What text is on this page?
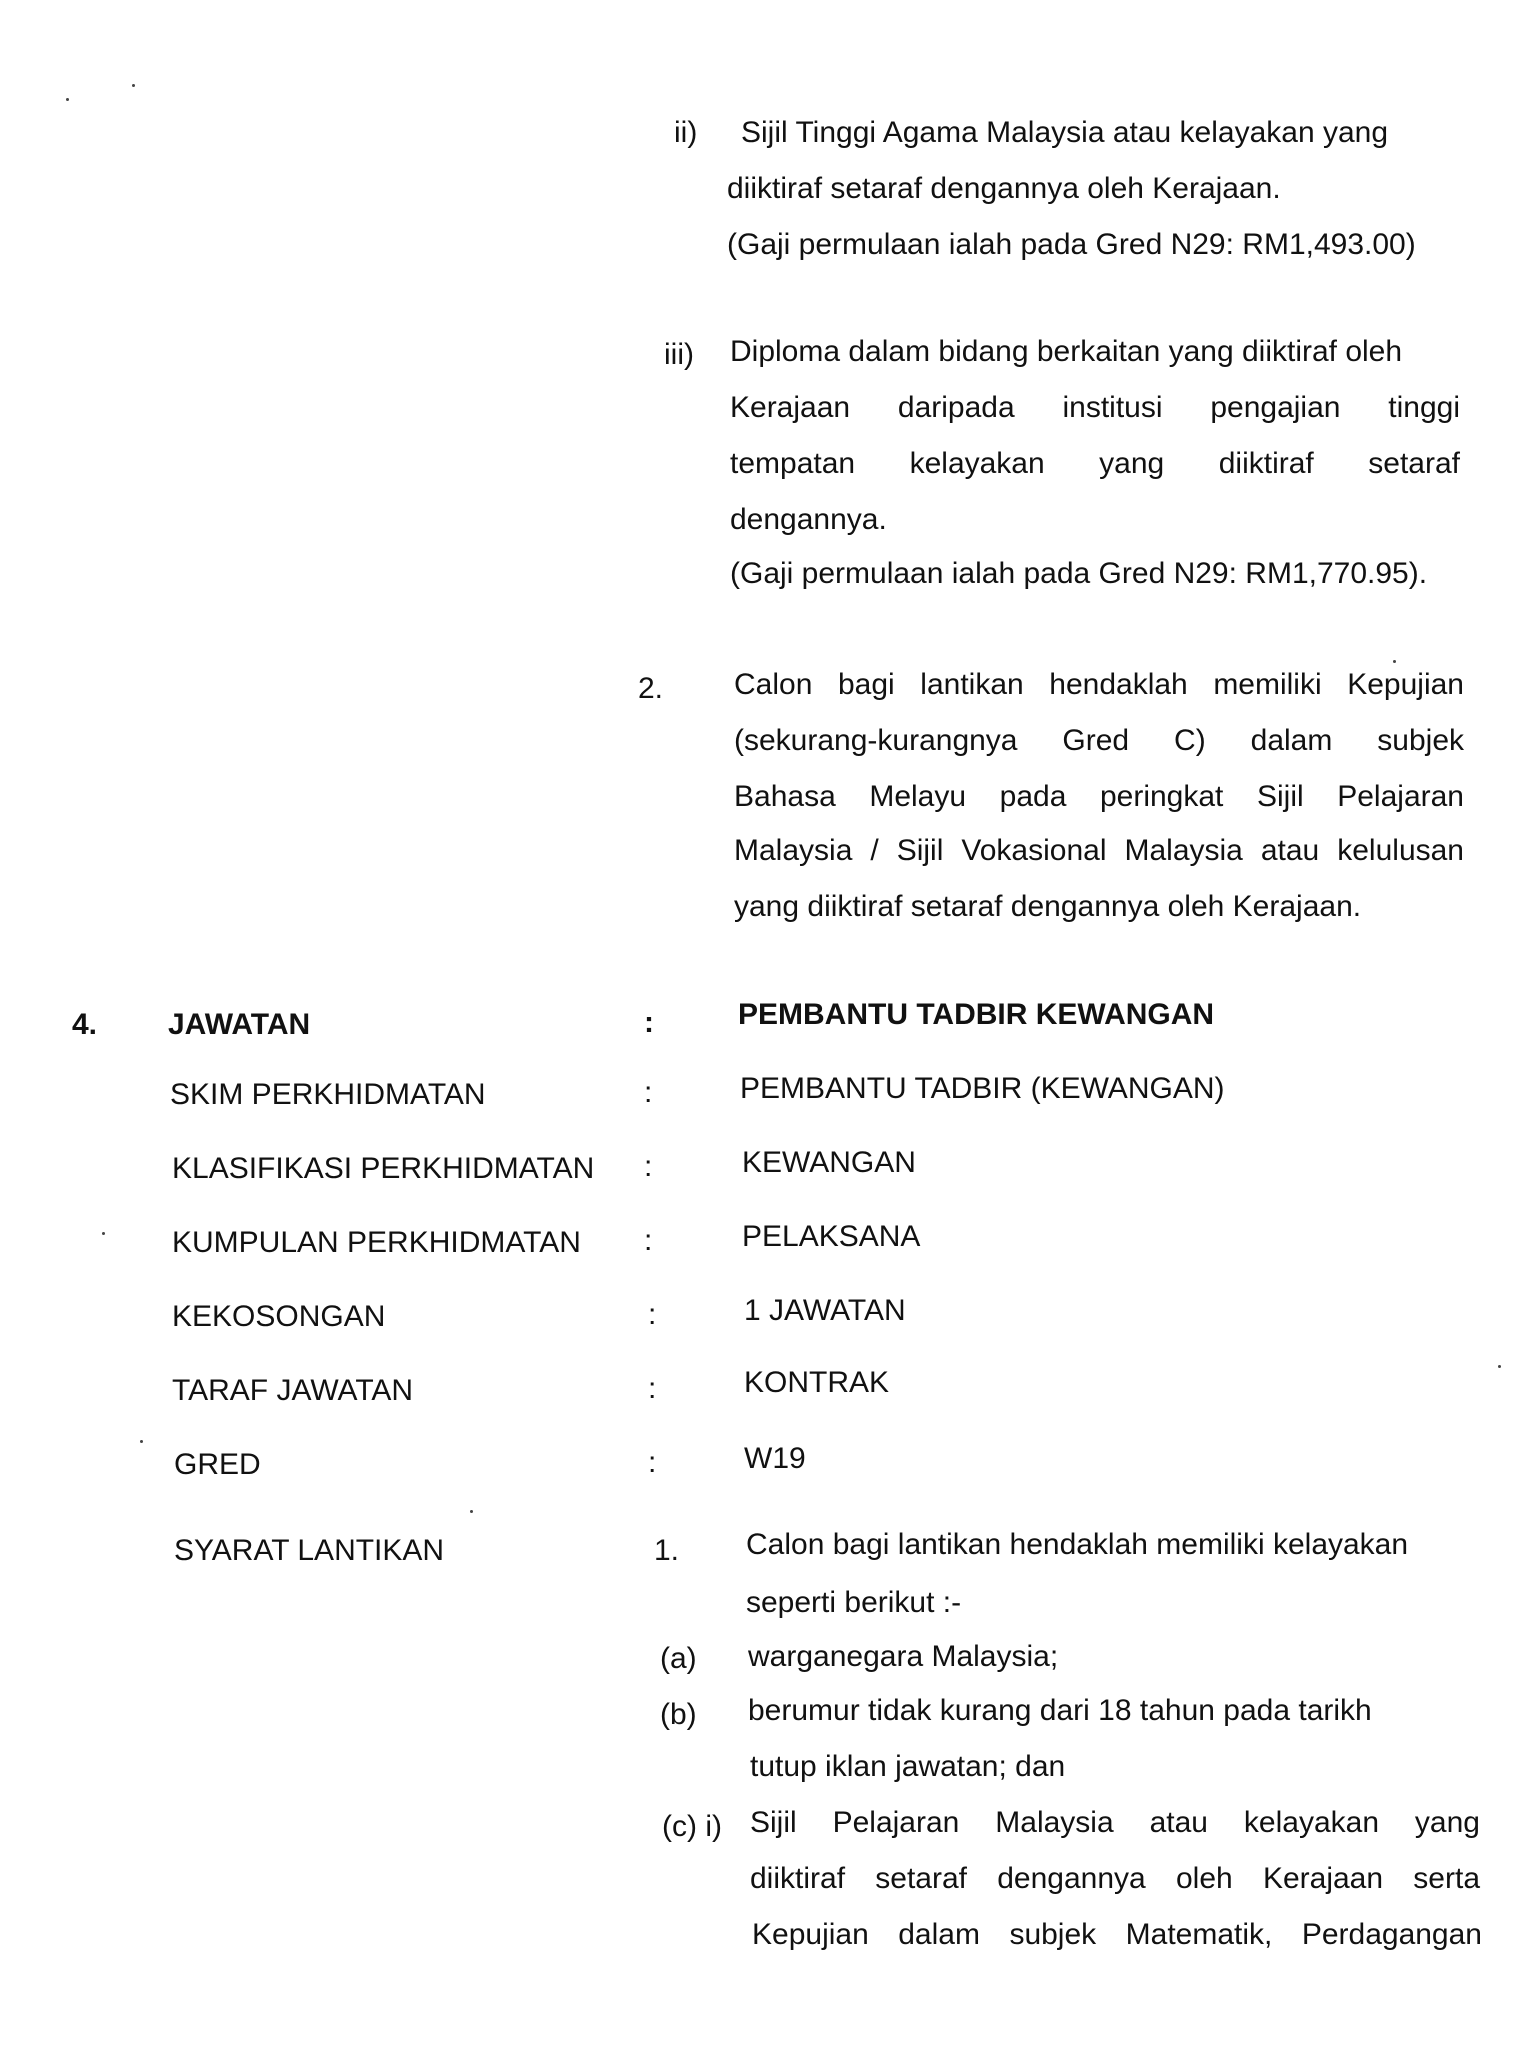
ii) Sijil Tinggi Agama Malaysia atau kelayakan yang
diiktiraf setaraf dengannya oleh Kerajaan.
(Gaji permulaan ialah pada Gred N29: RM1,493.00)
iii) Diploma dalam bidang berkaitan yang diiktiraf oleh
Kerajaan daripada institusi pengajian tinggi
tempatan kelayakan yang diiktiraf setaraf
dengannya.
(Gaji permulaan ialah pada Gred N29: RM1,770.95).
2. Calon bagi lantikan hendaklah memiliki Kepujian
(sekurang-kurangnya Gred C) dalam subjek
Bahasa Melayu pada peringkat Sijil Pelajaran
Malaysia / Sijil Vokasional Malaysia atau kelulusan
yang diiktiraf setaraf dengannya oleh Kerajaan.
4. JAWATAN	:	PEMBANTU TADBIR KEWANGAN
SKIM PERKHIDMATAN	:	PEMBANTU TADBIR (KEWANGAN)
KLASIFIKASI PERKHIDMATAN :	KEWANGAN
KUMPULAN PERKHIDMATAN :	PELAKSANA
KEKOSONGAN	:	1 JAWATAN
TARAF JAWATAN	:	KONTRAK
GRED	:	W19
SYARAT LANTIKAN	1. Calon bagi lantikan hendaklah memiliki kelayakan
seperti berikut :-
(a) warganegara Malaysia;
(b) berumur tidak kurang dari 18 tahun pada tarikh
tutup iklan jawatan; dan
(c) i) Sijil Pelajaran Malaysia atau kelayakan yang
diiktiraf setaraf dengannya oleh Kerajaan serta
Kepujian dalam subjek Matematik, Perdagangan
